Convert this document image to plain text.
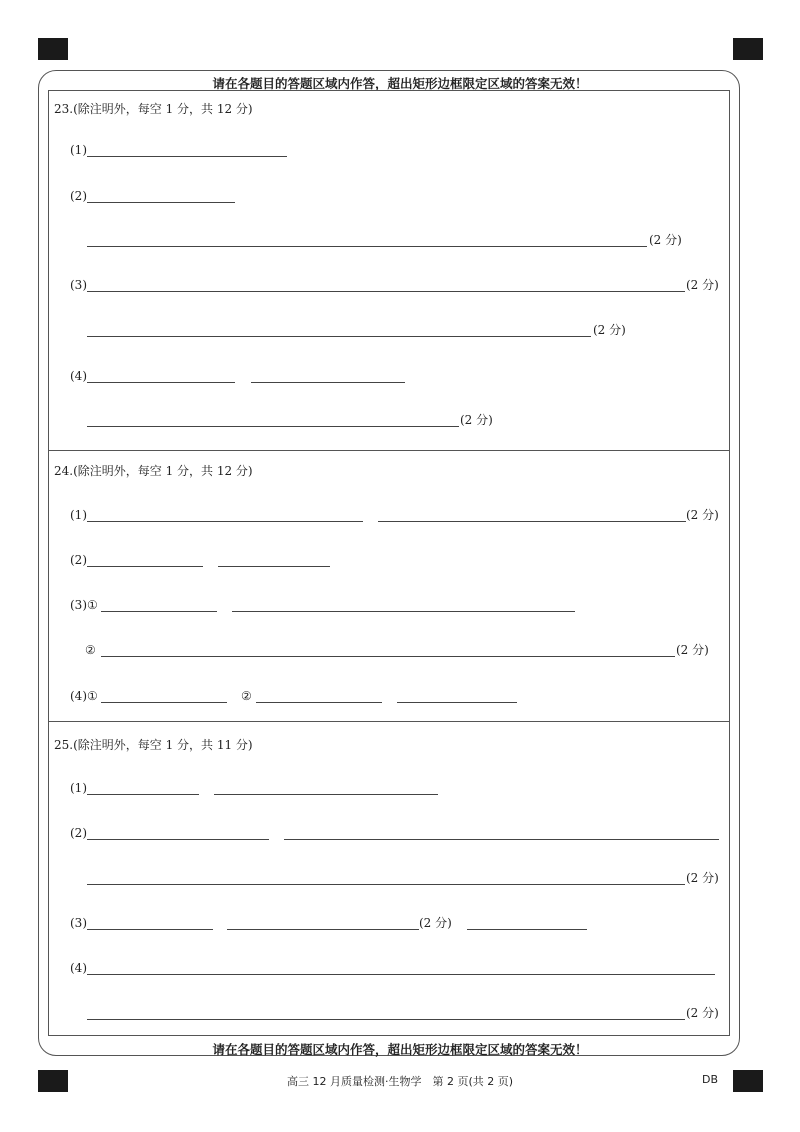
请在各题目的答题区域内作答，超出矩形边框限定区域的答案无效！
请在各题目的答题区域内作答，超出矩形边框限定区域的答案无效！
23.(除注明外，每空 1 分，共 12 分)
(1)
(2)
(2 分)
(3)	(2 分)
(2 分)
(4)
(2 分)
24.(除注明外，每空 1 分，共 12 分)
(1)	(2 分)
(2)
(3)①
②	(2 分)
(4)①	②
25.(除注明外，每空 1 分，共 11 分)
(1)
(2)
(2 分)
(3)	(2 分)
(4)
(2 分)
高三 12 月质量检测·生物学　第 2 页(共 2 页)	DB
